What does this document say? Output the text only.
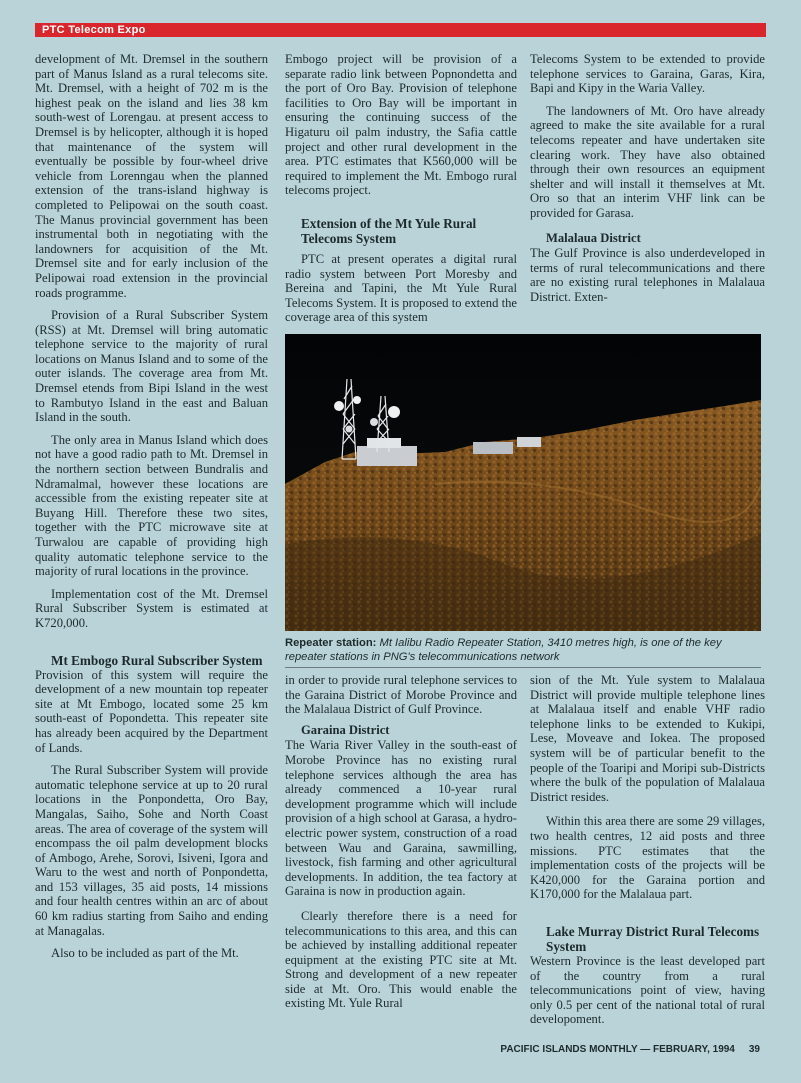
PTC Telecom Expo

development of Mt. Dremsel in the southern part of Manus Island as a rural telecoms site. Mt. Dremsel, with a height of 702 m is the highest peak on the island and lies 38 km south-west of Lorengau. at present access to Dremsel is by helicopter, although it is hoped that maintenance of the system will eventually be possible by four-wheel drive vehicle from Lorenngau when the planned extension of the trans-island highway is completed to Pelipowai on the south coast. The Manus provincial government has been instrumental both in negotiating with the landowners for acquisition of the Mt. Dremsel site and for early inclusion of the Pelipowai road extension in the provincial roads programme.

Provision of a Rural Subscriber System (RSS) at Mt. Dremsel will bring automatic telephone service to the majority of rural locations on Manus Island and to some of the outer islands. The coverage area from Mt. Dremsel etends from Bipi Island in the west to Rambutyo Island in the east and Baluan Island in the south.

The only area in Manus Island which does not have a good radio path to Mt. Dremsel in the northern section between Bundralis and Ndramalmal, however these locations are accessible from the existing repeater site at Buyang Hill. Therefore these two sites, together with the PTC microwave site at Turwalou are capable of providing high quality automatic telephone service to the majority of rural locations in the province.

Implementation cost of the Mt. Dremsel Rural Subscriber System is estimated at K720,000.

Mt Embogo Rural Subscriber System

Provision of this system will require the development of a new mountain top repeater site at Mt Embogo, located some 25 km south-east of Popondetta. This repeater site has already been acquired by the Department of Lands.

The Rural Subscriber System will provide automatic telephone service at up to 20 rural locations in the Ponpondetta, Oro Bay, Mangalas, Saiho, Sohe and North Coast areas. The area of coverage of the system will encompass the oil palm development blocks of Ambogo, Arehe, Sorovi, Isiveni, Igora and Waru to the west and north of Ponpondetta, and 153 villages, 35 aid posts, 14 missions and four health centres within an arc of about 60 km radius starting from Saiho and ending at Managalas.

Also to be included as part of the Mt.

Embogo project will be provision of a separate radio link between Popnondetta and the port of Oro Bay. Provision of telephone facilities to Oro Bay will be important in ensuring the continuing success of the Higaturu oil palm industry, the Safia cattle project and other rural development in the area. PTC estimates that K560,000 will be required to implement the Mt. Embogo rural telecoms project.

Extension of the Mt Yule Rural Telecoms System

PTC at present operates a digital rural radio system between Port Moresby and Bereina and Tapini, the Mt Yule Rural Telecoms System. It is proposed to extend the coverage area of this system

Telecoms System to be extended to provide telephone services to Garaina, Garas, Kira, Bapi and Kipy in the Waria Valley.

The landowners of Mt. Oro have already agreed to make the site available for a rural telecoms repeater and have undertaken site clearing work. They have also obtained through their own resources an equipment shelter and will install it themselves at Mt. Oro so that an interim VHF link can be provided for Garasa.

Malalaua District

The Gulf Province is also underdeveloped in terms of rural telecommunications and there are no existing rural telephones in Malalaua District. Exten-

Repeater station: Mt Ialibu Radio Repeater Station, 3410 metres high, is one of the key repeater stations in PNG's telecommunications network

in order to provide rural telephone services to the Garaina District of Morobe Province and the Malalaua District of Gulf Province.

Garaina District

The Waria River Valley in the south-east of Morobe Province has no existing rural telephone services although the area has already commenced a 10-year rural development programme which will include provision of a high school at Garasa, a hydro-electric power system, construction of a road between Wau and Garaina, sawmilling, livestock, fish farming and other agricultural developments. In addition, the tea factory at Garaina is now in production again.

Clearly therefore there is a need for telecommunications to this area, and this can be achieved by installing additional repeater equipment at the existing PTC site at Mt. Strong and development of a new repeater side at Mt. Oro. This would enable the existing Mt. Yule Rural

sion of the Mt. Yule system to Malalaua District will provide multiple telephone lines at Malalaua itself and enable VHF radio telephone links to be extended to Kukipi, Lese, Moveave and Iokea. The proposed system will be of particular benefit to the people of the Toaripi and Moripi sub-Districts where the bulk of the population of Malalaua District resides.

Within this area there are some 29 villages, two health centres, 12 aid posts and three missions. PTC estimates that the implementation costs of the projects will be K420,000 for the Garaina portion and K170,000 for the Malalaua part.

Lake Murray District Rural Telecoms System

Western Province is the least developed part of the country from a rural telecommunications point of view, having only 0.5 per cent of the national total of rural developoment.

PACIFIC ISLANDS MONTHLY — FEBRUARY, 1994 39
